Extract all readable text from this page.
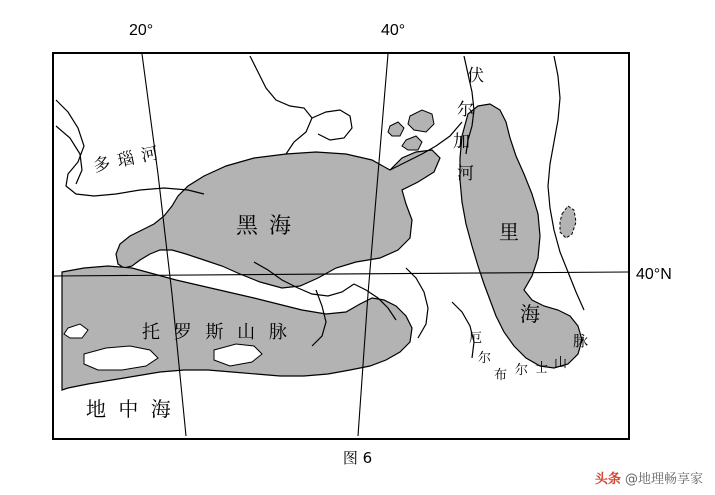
20°	40°
40°N
多 瑙 河
黑 海
伏
尔
加
河
里
海
托 罗 斯 山 脉
地 中 海
厄
尔
布 尔 士 山
脉
图 6
头条 @地理畅享家
